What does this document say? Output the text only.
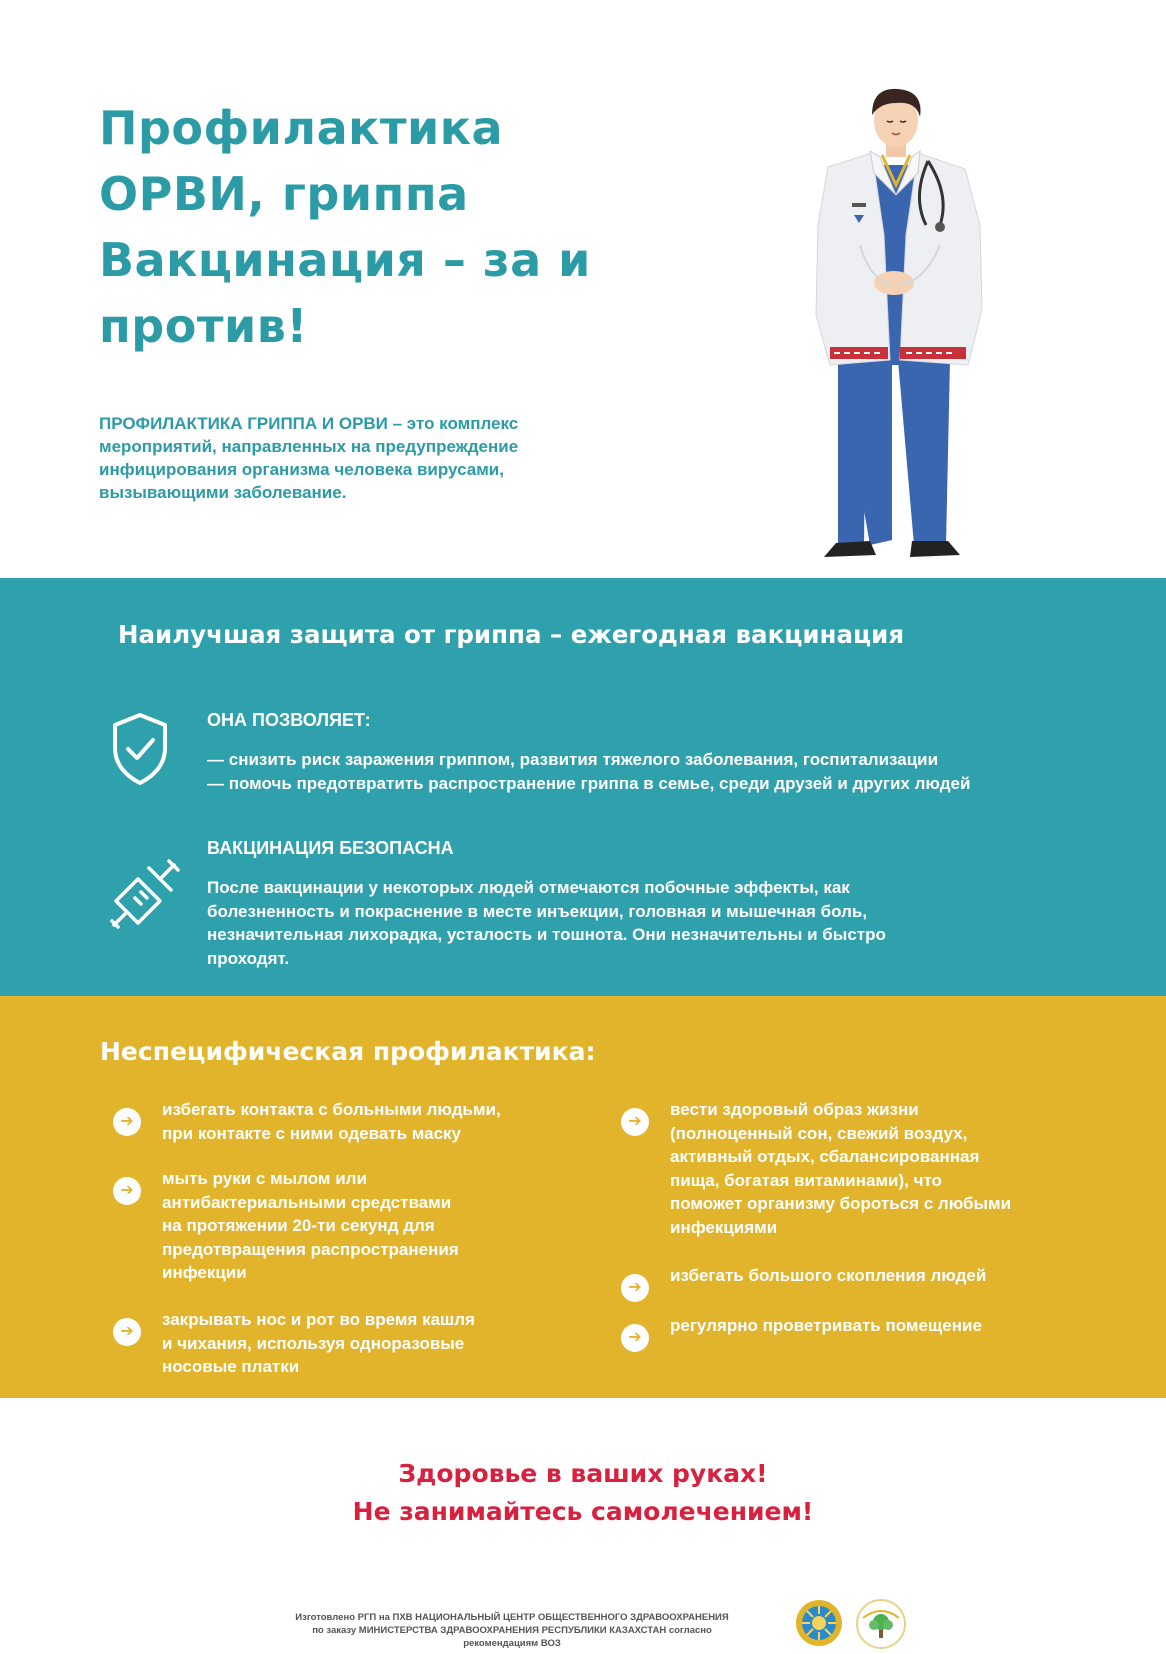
Профилактика
ОРВИ, гриппа
Вакцинация – за и
против!
ПРОФИЛАКТИКА ГРИППА И ОРВИ – это комплекс
мероприятий, направленных на предупреждение
инфицирования организма человека вирусами,
вызывающими заболевание.
Наилучшая защита от гриппа – ежегодная вакцинация
ОНА ПОЗВОЛЯЕТ:
— снизить риск заражения гриппом, развития тяжелого заболевания, госпитализации
— помочь предотвратить распространение гриппа в семье, среди друзей и других людей
ВАКЦИНАЦИЯ БЕЗОПАСНА
После вакцинации у некоторых людей отмечаются побочные эффекты, как
болезненность и покраснение в месте инъекции, головная и мышечная боль,
незначительная лихорадка, усталость и тошнота. Они незначительны и быстро
проходят.
Неспецифическая профилактика:
➔
избегать контакта с больными людьми,
при контакте с ними одевать маску
➔
мыть руки с мылом или
антибактериальными средствами
на протяжении 20-ти секунд для
предотвращения распространения
инфекции
➔
закрывать нос и рот во время кашля
и чихания, используя одноразовые
носовые платки
➔
вести здоровый образ жизни
(полноценный сон, свежий воздух,
активный отдых, сбалансированная
пища, богатая витаминами), что
поможет организму бороться с любыми
инфекциями
➔
избегать большого скопления людей
➔
регулярно проветривать помещение
Здоровье в ваших руках!
Не занимайтесь самолечением!
Изготовлено РГП на ПХВ НАЦИОНАЛЬНЫЙ ЦЕНТР ОБЩЕСТВЕННОГО ЗДРАВООХРАНЕНИЯ
по заказу МИНИСТЕРСТВА ЗДРАВООХРАНЕНИЯ РЕСПУБЛИКИ КАЗАХСТАН согласно
рекомендациям ВОЗ
